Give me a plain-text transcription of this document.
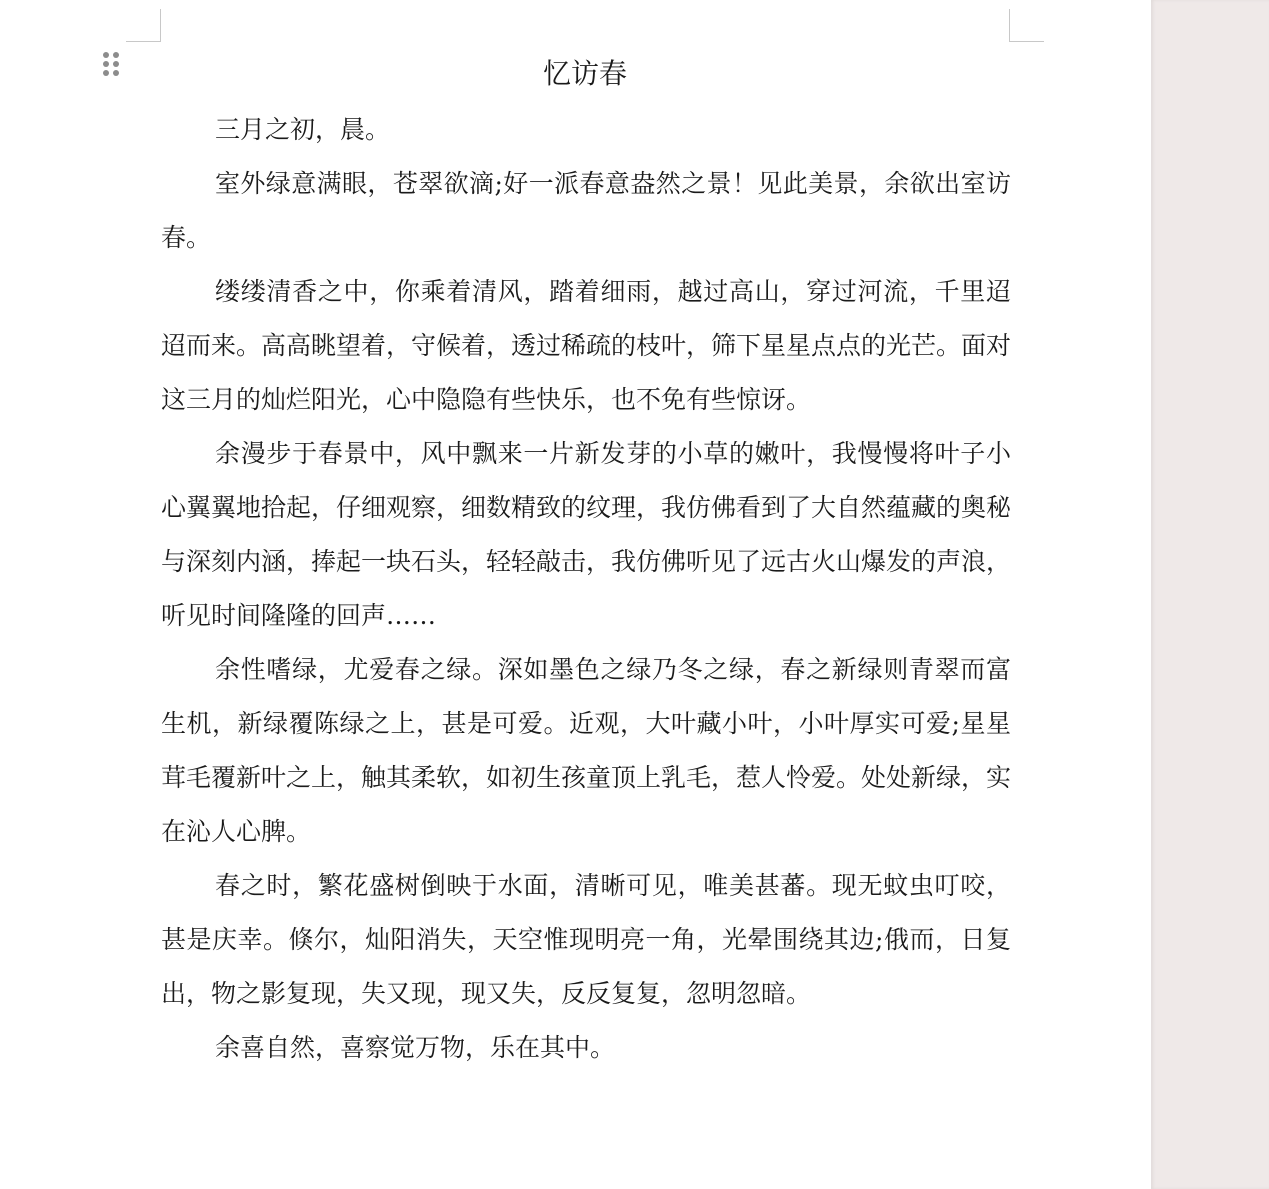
忆访春

三月之初，晨。

室外绿意满眼，苍翠欲滴;好一派春意盎然之景！见此美景，余欲出室访春。

缕缕清香之中，你乘着清风，踏着细雨，越过高山，穿过河流，千里迢迢而来。高高眺望着，守候着，透过稀疏的枝叶，筛下星星点点的光芒。面对这三月的灿烂阳光，心中隐隐有些快乐，也不免有些惊讶。

余漫步于春景中，风中飘来一片新发芽的小草的嫩叶，我慢慢将叶子小心翼翼地拾起，仔细观察，细数精致的纹理，我仿佛看到了大自然蕴藏的奥秘与深刻内涵，捧起一块石头，轻轻敲击，我仿佛听见了远古火山爆发的声浪，听见时间隆隆的回声……

余性嗜绿，尤爱春之绿。深如墨色之绿乃冬之绿，春之新绿则青翠而富生机，新绿覆陈绿之上，甚是可爱。近观，大叶藏小叶，小叶厚实可爱;星星茸毛覆新叶之上，触其柔软，如初生孩童顶上乳毛，惹人怜爱。处处新绿，实在沁人心脾。

春之时，繁花盛树倒映于水面，清晰可见，唯美甚蕃。现无蚊虫叮咬，甚是庆幸。倏尔，灿阳消失，天空惟现明亮一角，光晕围绕其边;俄而，日复出，物之影复现，失又现，现又失，反反复复，忽明忽暗。

余喜自然，喜察觉万物，乐在其中。
